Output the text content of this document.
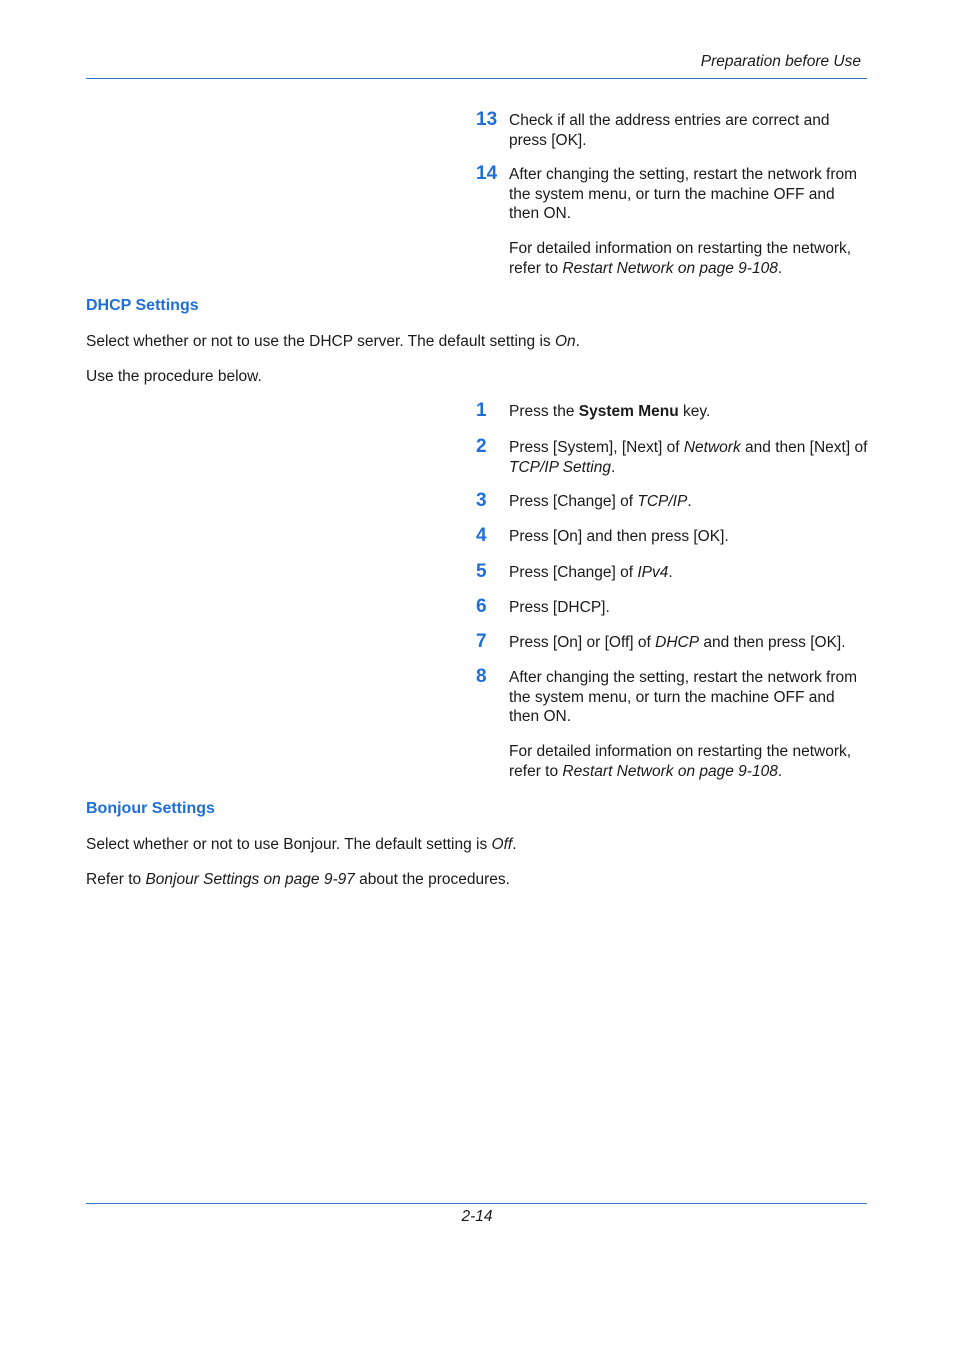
Preparation before Use
13 Check if all the address entries are correct and press [OK].
14 After changing the setting, restart the network from the system menu, or turn the machine OFF and then ON.
For detailed information on restarting the network, refer to Restart Network on page 9-108.
DHCP Settings
Select whether or not to use the DHCP server. The default setting is On.
Use the procedure below.
1 Press the System Menu key.
2 Press [System], [Next] of Network and then [Next] of TCP/IP Setting.
3 Press [Change] of TCP/IP.
4 Press [On] and then press [OK].
5 Press [Change] of IPv4.
6 Press [DHCP].
7 Press [On] or [Off] of DHCP and then press [OK].
8 After changing the setting, restart the network from the system menu, or turn the machine OFF and then ON.
For detailed information on restarting the network, refer to Restart Network on page 9-108.
Bonjour Settings
Select whether or not to use Bonjour. The default setting is Off.
Refer to Bonjour Settings on page 9-97 about the procedures.
2-14
